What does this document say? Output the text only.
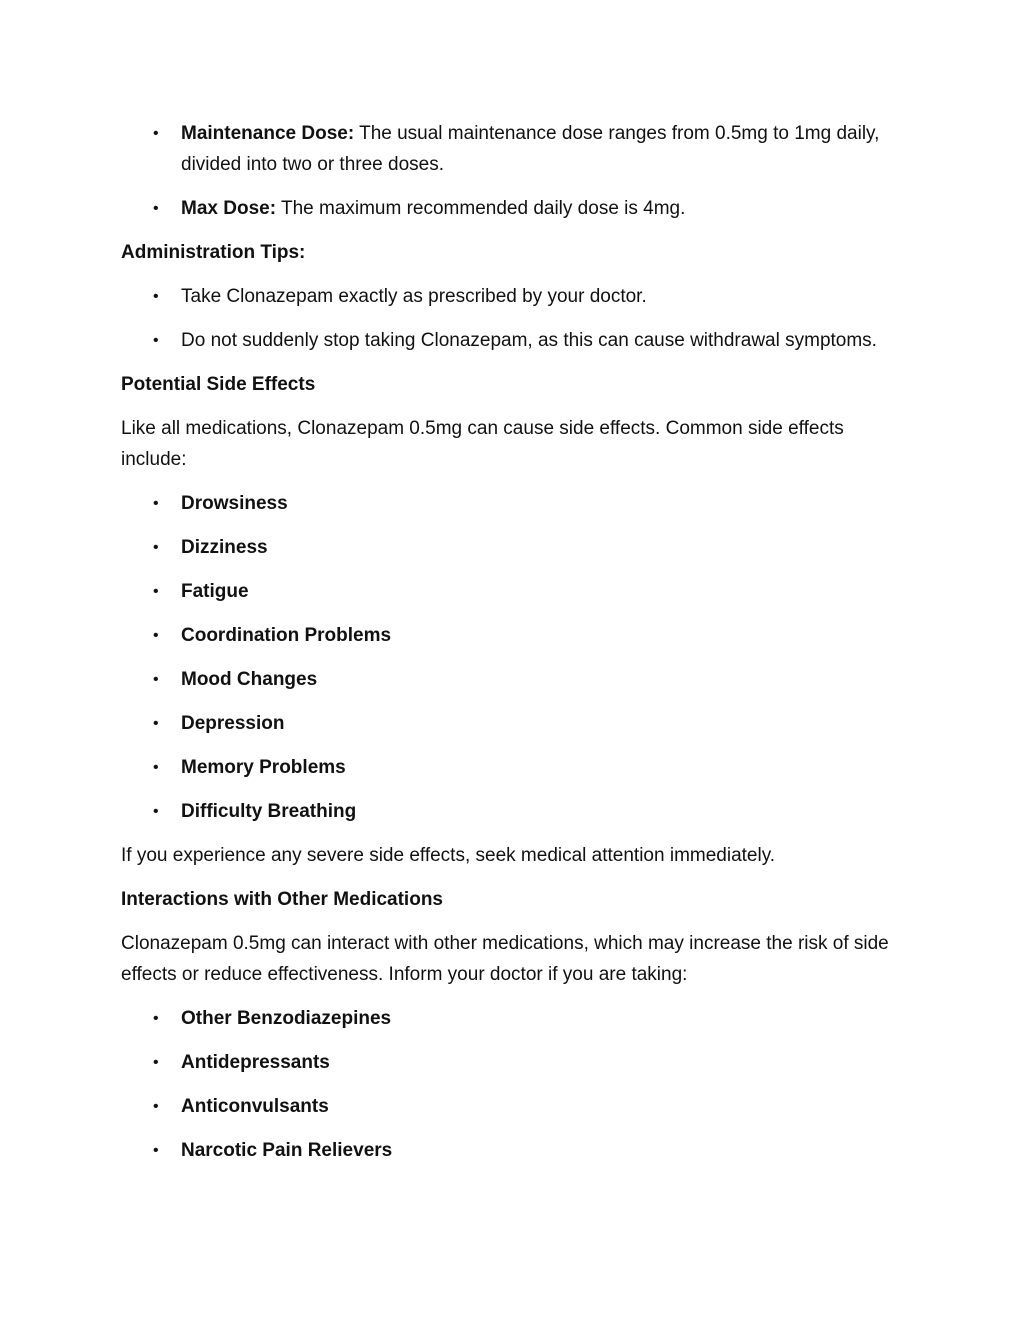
• Maintenance Dose: The usual maintenance dose ranges from 0.5mg to 1mg daily, divided into two or three doses.
• Max Dose: The maximum recommended daily dose is 4mg.

Administration Tips:

• Take Clonazepam exactly as prescribed by your doctor.
• Do not suddenly stop taking Clonazepam, as this can cause withdrawal symptoms.

Potential Side Effects

Like all medications, Clonazepam 0.5mg can cause side effects. Common side effects include:

• Drowsiness
• Dizziness
• Fatigue
• Coordination Problems
• Mood Changes
• Depression
• Memory Problems
• Difficulty Breathing

If you experience any severe side effects, seek medical attention immediately.

Interactions with Other Medications

Clonazepam 0.5mg can interact with other medications, which may increase the risk of side effects or reduce effectiveness. Inform your doctor if you are taking:

• Other Benzodiazepines
• Antidepressants
• Anticonvulsants
• Narcotic Pain Relievers
